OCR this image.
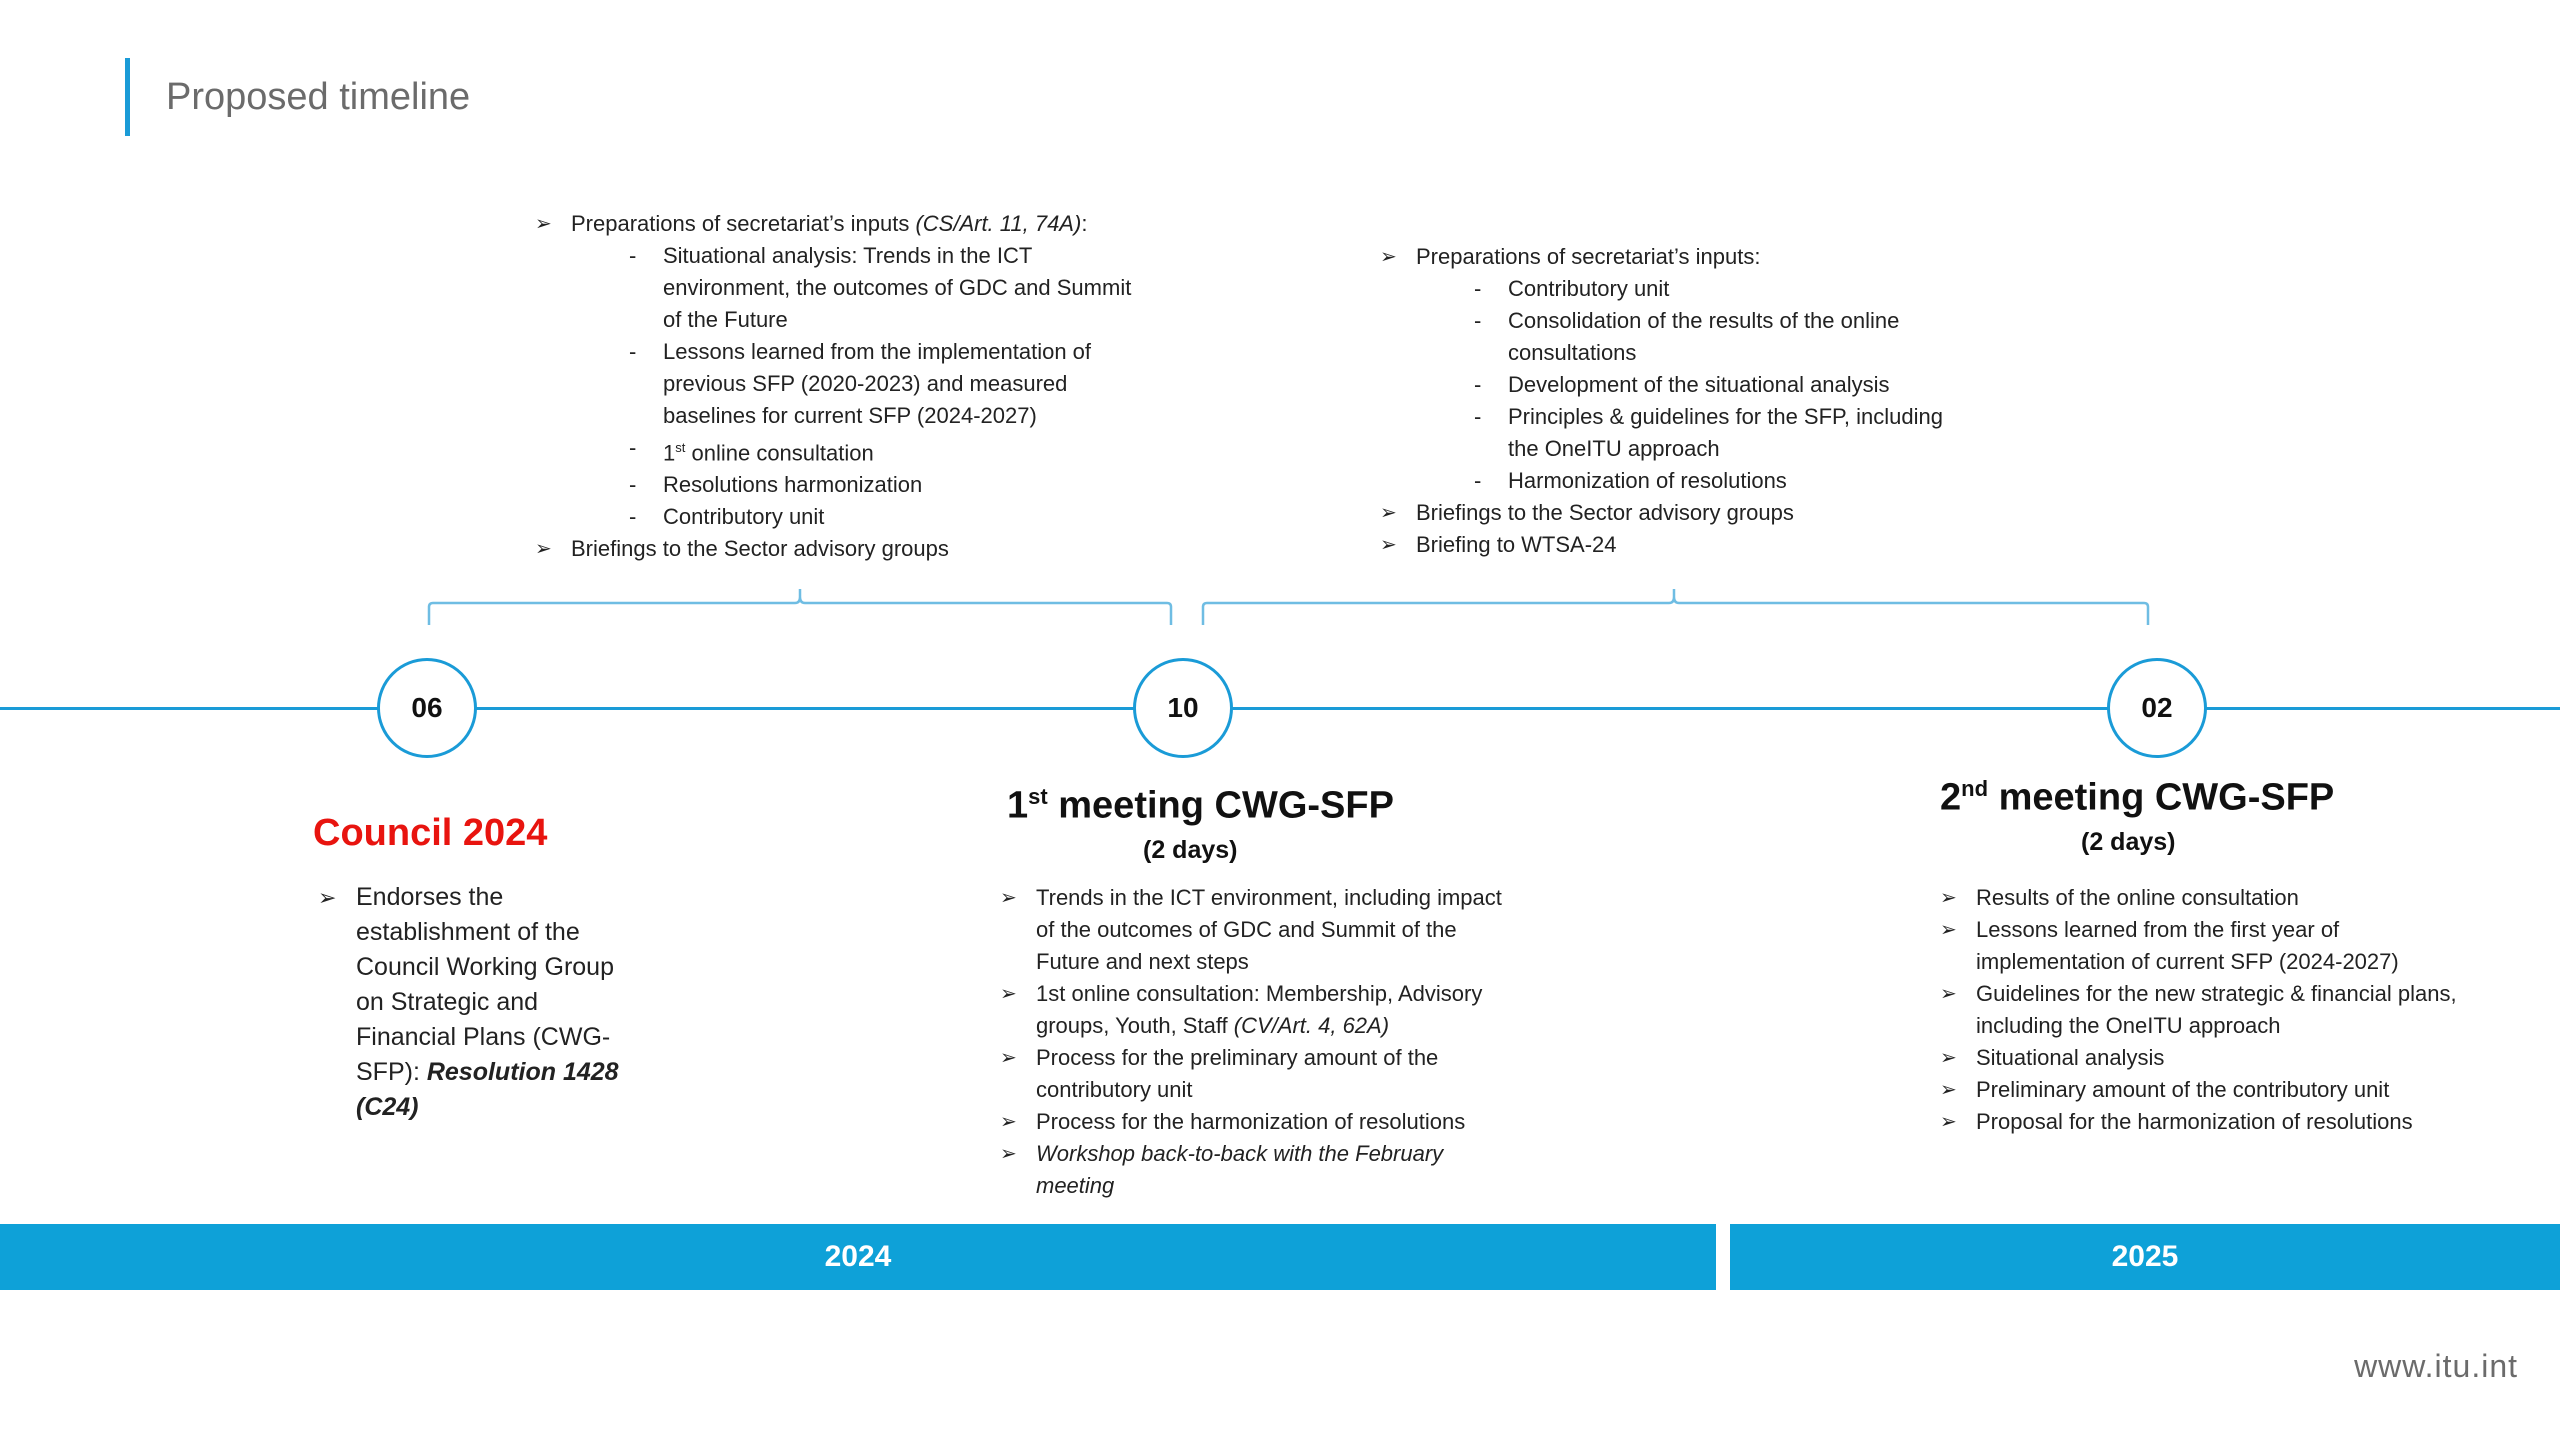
Proposed timeline
➢ Preparations of secretariat’s inputs (CS/Art. 11, 74A):
- Situational analysis: Trends in the ICT
environment, the outcomes of GDC and Summit
of the Future
- Lessons learned from the implementation of
previous SFP (2020-2023) and measured
baselines for current SFP (2024-2027)
- 1st online consultation
- Resolutions harmonization
- Contributory unit
➢ Briefings to the Sector advisory groups
➢ Preparations of secretariat’s inputs:
- Contributory unit
- Consolidation of the results of the online
consultations
- Development of the situational analysis
- Principles & guidelines for the SFP, including
the OneITU approach
- Harmonization of resolutions
➢ Briefings to the Sector advisory groups
➢ Briefing to WTSA-24
06	10	02
Council 2024
➢ Endorses the
establishment of the
Council Working Group
on Strategic and
Financial Plans (CWG-
SFP): Resolution 1428
(C24)
1st meeting CWG-SFP
(2 days)
➢ Trends in the ICT environment, including impact
of the outcomes of GDC and Summit of the
Future and next steps
➢ 1st online consultation: Membership, Advisory
groups, Youth, Staff (CV/Art. 4, 62A)
➢ Process for the preliminary amount of the
contributory unit
➢ Process for the harmonization of resolutions
➢ Workshop back-to-back with the February
meeting
2nd meeting CWG-SFP
(2 days)
➢ Results of the online consultation
➢ Lessons learned from the first year of
implementation of current SFP (2024-2027)
➢ Guidelines for the new strategic & financial plans,
including the OneITU approach
➢ Situational analysis
➢ Preliminary amount of the contributory unit
➢ Proposal for the harmonization of resolutions
2024	2025
www.itu.int
